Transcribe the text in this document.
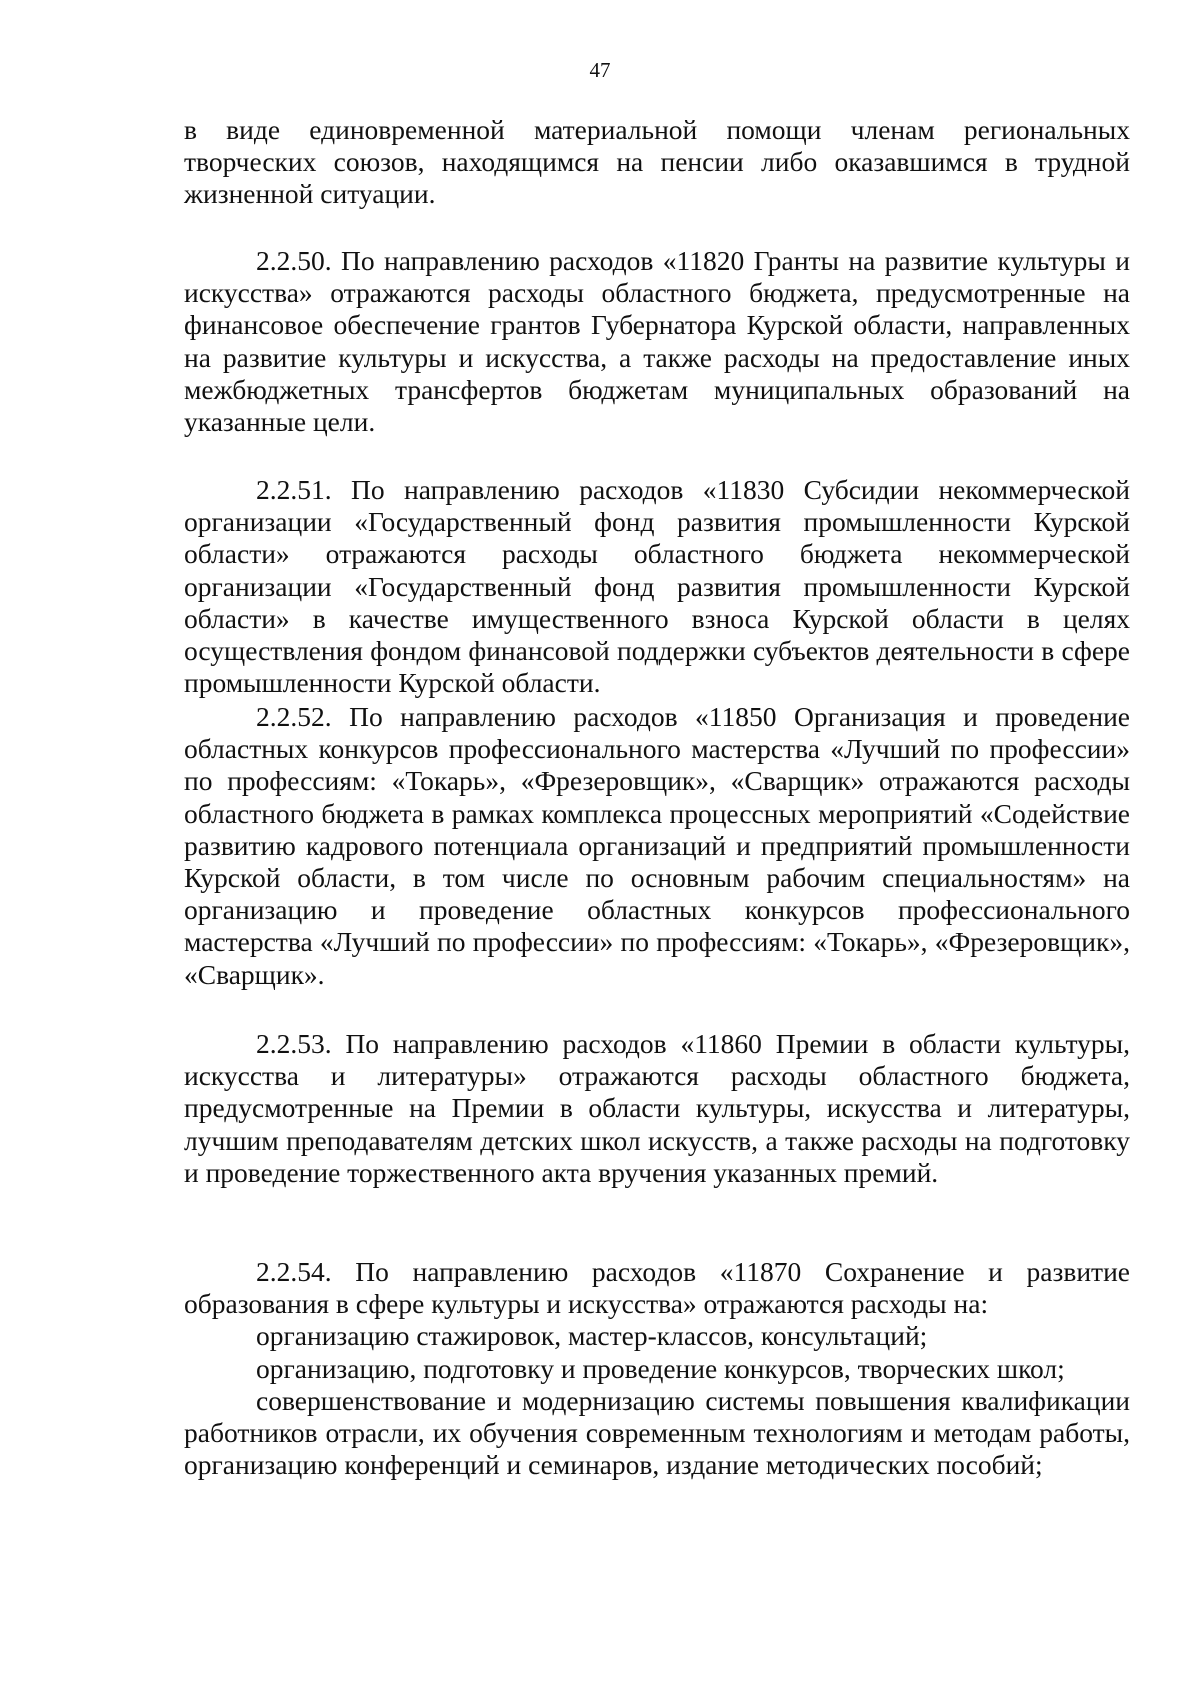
47

в виде единовременной материальной помощи членам региональных творческих союзов, находящимся на пенсии либо оказавшимся в трудной жизненной ситуации.

2.2.50. По направлению расходов «11820 Гранты на развитие культуры и искусства» отражаются расходы областного бюджета, предусмотренные на финансовое обеспечение грантов Губернатора Курской области, направленных на развитие культуры и искусства, а также расходы на предоставление иных межбюджетных трансфертов бюджетам муниципальных образований на указанные цели.

2.2.51. По направлению расходов «11830 Субсидии некоммерческой организации «Государственный фонд развития промышленности Курской области» отражаются расходы областного бюджета некоммерческой организации «Государственный фонд развития промышленности Курской области» в качестве имущественного взноса Курской области в целях осуществления фондом финансовой поддержки субъектов деятельности в сфере промышленности Курской области.

2.2.52. По направлению расходов «11850 Организация и проведение областных конкурсов профессионального мастерства «Лучший по профессии» по профессиям: «Токарь», «Фрезеровщик», «Сварщик» отражаются расходы областного бюджета в рамках комплекса процессных мероприятий «Содействие развитию кадрового потенциала организаций и предприятий промышленности Курской области, в том числе по основным рабочим специальностям» на организацию и проведение областных конкурсов профессионального мастерства «Лучший по профессии» по профессиям: «Токарь», «Фрезеровщик», «Сварщик».

2.2.53. По направлению расходов «11860 Премии в области культуры, искусства и литературы» отражаются расходы областного бюджета, предусмотренные на Премии в области культуры, искусства и литературы, лучшим преподавателям детских школ искусств, а также расходы на подготовку и проведение торжественного акта вручения указанных премий.

2.2.54. По направлению расходов «11870 Сохранение и развитие образования в сфере культуры и искусства» отражаются расходы на:

организацию стажировок, мастер-классов, консультаций;

организацию, подготовку и проведение конкурсов, творческих школ;

совершенствование и модернизацию системы повышения квалификации работников отрасли, их обучения современным технологиям и методам работы, организацию конференций и семинаров, издание методических пособий;
